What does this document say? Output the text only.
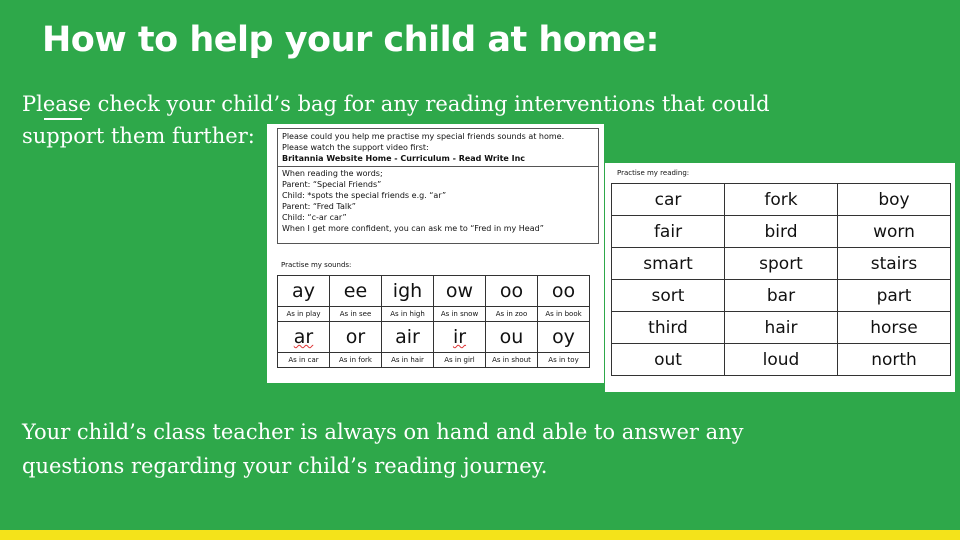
How to help your child at home:
Please check your child’s bag for any reading interventions that could
support them further:	Please could you help me practise my special friends sounds at home.
Please watch the support video first:
Britannia Website Home - Curriculum - Read Write Inc
When reading the words;
Parent: “Special Friends”
Child: *spots the special friends e.g. “ar”
Parent: “Fred Talk”
Child: “c-ar car”
When I get more confident, you can ask me to “Fred in my Head”
Practise my sounds:
ay	ee	igh	ow	oo	oo
As in play	As in see	As in high	As in snow	As in zoo	As in book
ar	or	air	ir	ou	oy
As in car	As in fork	As in hair	As in girl	As in shout	As in toy
Practise my reading:
car	fork	boy
fair	bird	worn
smart	sport	stairs
sort	bar	part
third	hair	horse
out	loud	north
Your child’s class teacher is always on hand and able to answer any
questions regarding your child’s reading journey.
